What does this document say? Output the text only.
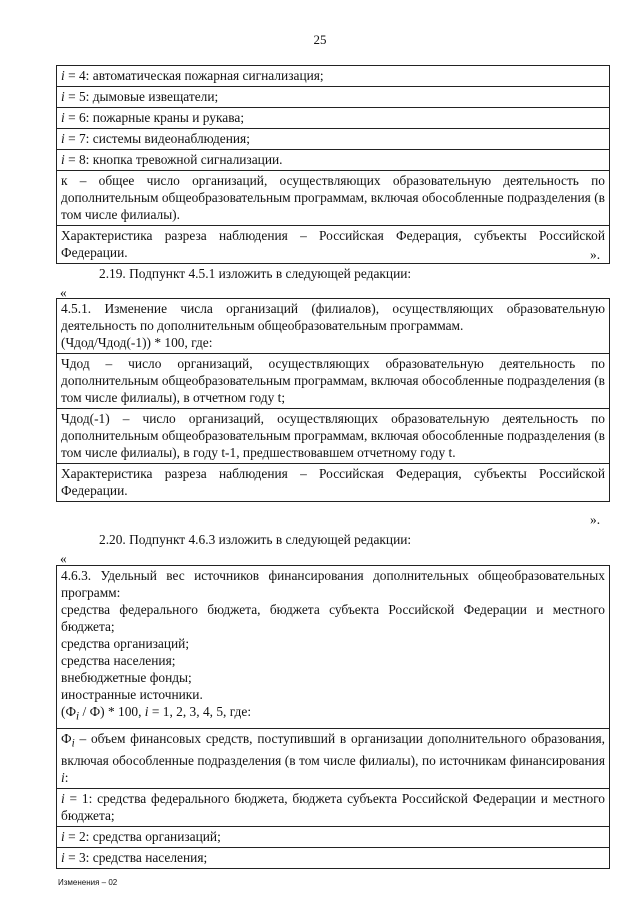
25
i = 4: автоматическая пожарная сигнализация;
i = 5: дымовые извещатели;
i = 6: пожарные краны и рукава;
i = 7: системы видеонаблюдения;
i = 8: кнопка тревожной сигнализации.
к – общее число организаций, осуществляющих образовательную деятельность по дополнительным общеобразовательным программам, включая обособленные подразделения (в том числе филиалы).
Характеристика разреза наблюдения – Российская Федерация, субъекты Российской Федерации.	».
2.19. Подпункт 4.5.1 изложить в следующей редакции:
«
4.5.1. Изменение числа организаций (филиалов), осуществляющих образовательную деятельность по дополнительным общеобразовательным программам.
(Чдод/Чдод(-1)) * 100, где:
Чдод – число организаций, осуществляющих образовательную деятельность по дополнительным общеобразовательным программам, включая обособленные подразделения (в том числе филиалы), в отчетном году t;
Чдод(-1) – число организаций, осуществляющих образовательную деятельность по дополнительным общеобразовательным программам, включая обособленные подразделения (в том числе филиалы), в году t-1, предшествовавшем отчетному году t.
Характеристика разреза наблюдения – Российская Федерация, субъекты Российской Федерации.
».
2.20. Подпункт 4.6.3 изложить в следующей редакции:
«
4.6.3. Удельный вес источников финансирования дополнительных общеобразовательных программ:
средства федерального бюджета, бюджета субъекта Российской Федерации и местного бюджета;
средства организаций;
средства населения;
внебюджетные фонды;
иностранные источники.
$(Ф_i / Ф) * 100$, i = 1, 2, 3, 4, 5, где:
$Ф_i$ – объем финансовых средств, поступивший в организации дополнительного образования, включая обособленные подразделения (в том числе филиалы), по источникам финансирования i:
i = 1: средства федерального бюджета, бюджета субъекта Российской Федерации и местного бюджета;
i = 2: средства организаций;
i = 3: средства населения;
Изменения – 02
